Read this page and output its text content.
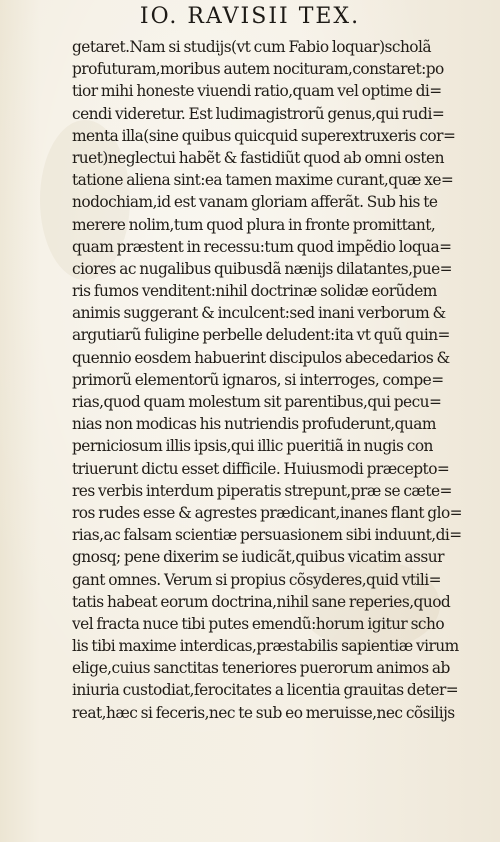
IO. RAVISII TEX.
getaret.Nam si studijs(vt cum Fabio loquar)scholã
profuturam,moribus autem nocituram,constaret:po
tior mihi honeste viuendi ratio,quam vel optime di=
cendi videretur. Est ludimagistrorũ genus,qui rudi=
menta illa(sine quibus quicquid superextruxeris cor=
ruet)neglectui habẽt & fastidiũt quod ab omni osten
tatione aliena sint:ea tamen maxime curant,quæ xe=
nodochiam,id est vanam gloriam afferãt. Sub his te
merere nolim,tum quod plura in fronte promittant,
quam præstent in recessu:tum quod impẽdio loqua=
ciores ac nugalibus quibusdã nænijs dilatantes,pue=
ris fumos venditent:nihil doctrinæ solidæ eorũdem
animis suggerant & inculcent:sed inani verborum &
argutiarũ fuligine perbelle deludent:ita vt quũ quin=
quennio eosdem habuerint discipulos abecedarios &
primorũ elementorũ ignaros, si interroges, compe=
rias,quod quam molestum sit parentibus,qui pecu=
nias non modicas his nutriendis profuderunt,quam
perniciosum illis ipsis,qui illic pueritiã in nugis con
triuerunt dictu esset difficile. Huiusmodi præcepto=
res verbis interdum piperatis strepunt,præ se cæte=
ros rudes esse & agrestes prædicant,inanes flant glo=
rias,ac falsam scientiæ persuasionem sibi induunt,di=
gnosq; pene dixerim se iudicãt,quibus vicatim assur
gant omnes. Verum si propius cõsyderes,quid vtili=
tatis habeat eorum doctrina,nihil sane reperies,quod
vel fracta nuce tibi putes emendũ:horum igitur scho
lis tibi maxime interdicas,præstabilis sapientiæ virum
elige,cuius sanctitas teneriores puerorum animos ab
iniuria custodiat,ferocitates a licentia grauitas deter=
reat,hæc si feceris,nec te sub eo meruisse,nec cõsilijs
